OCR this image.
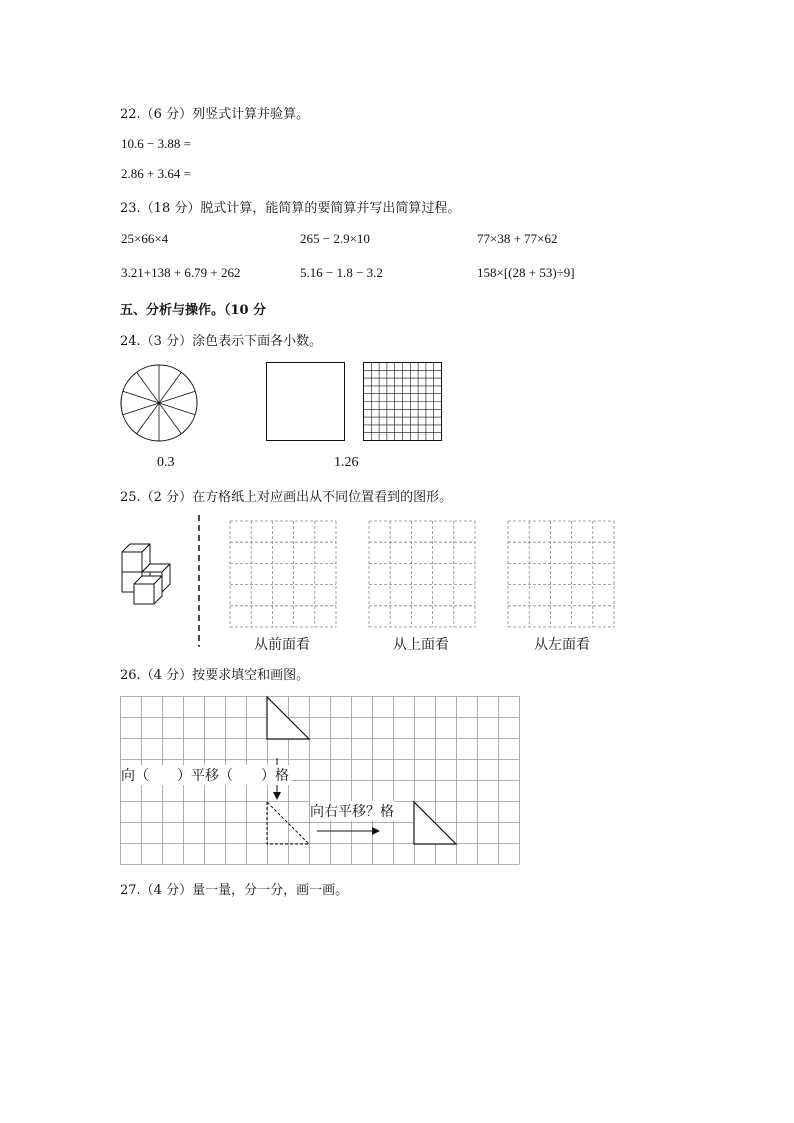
22.（6 分）列竖式计算并验算。
10.6 − 3.88 =
2.86 + 3.64 =
23.（18 分）脱式计算，能简算的要简算并写出简算过程。
25×66×4	265 − 2.9×10	77×38 + 77×62
3.21+138 + 6.79 + 262	5.16 − 1.8 − 3.2	158×[(28 + 53)÷9]
五、分析与操作。（10 分
24.（3 分）涂色表示下面各小数。
0.3	1.26
25.（2 分）在方格纸上对应画出从不同位置看到的图形。
从前面看	从上面看	从左面看
26.（4 分）按要求填空和画图。
向（　　）平移（　　）格
向右平移？格
27.（4 分）量一量，分一分，画一画。
